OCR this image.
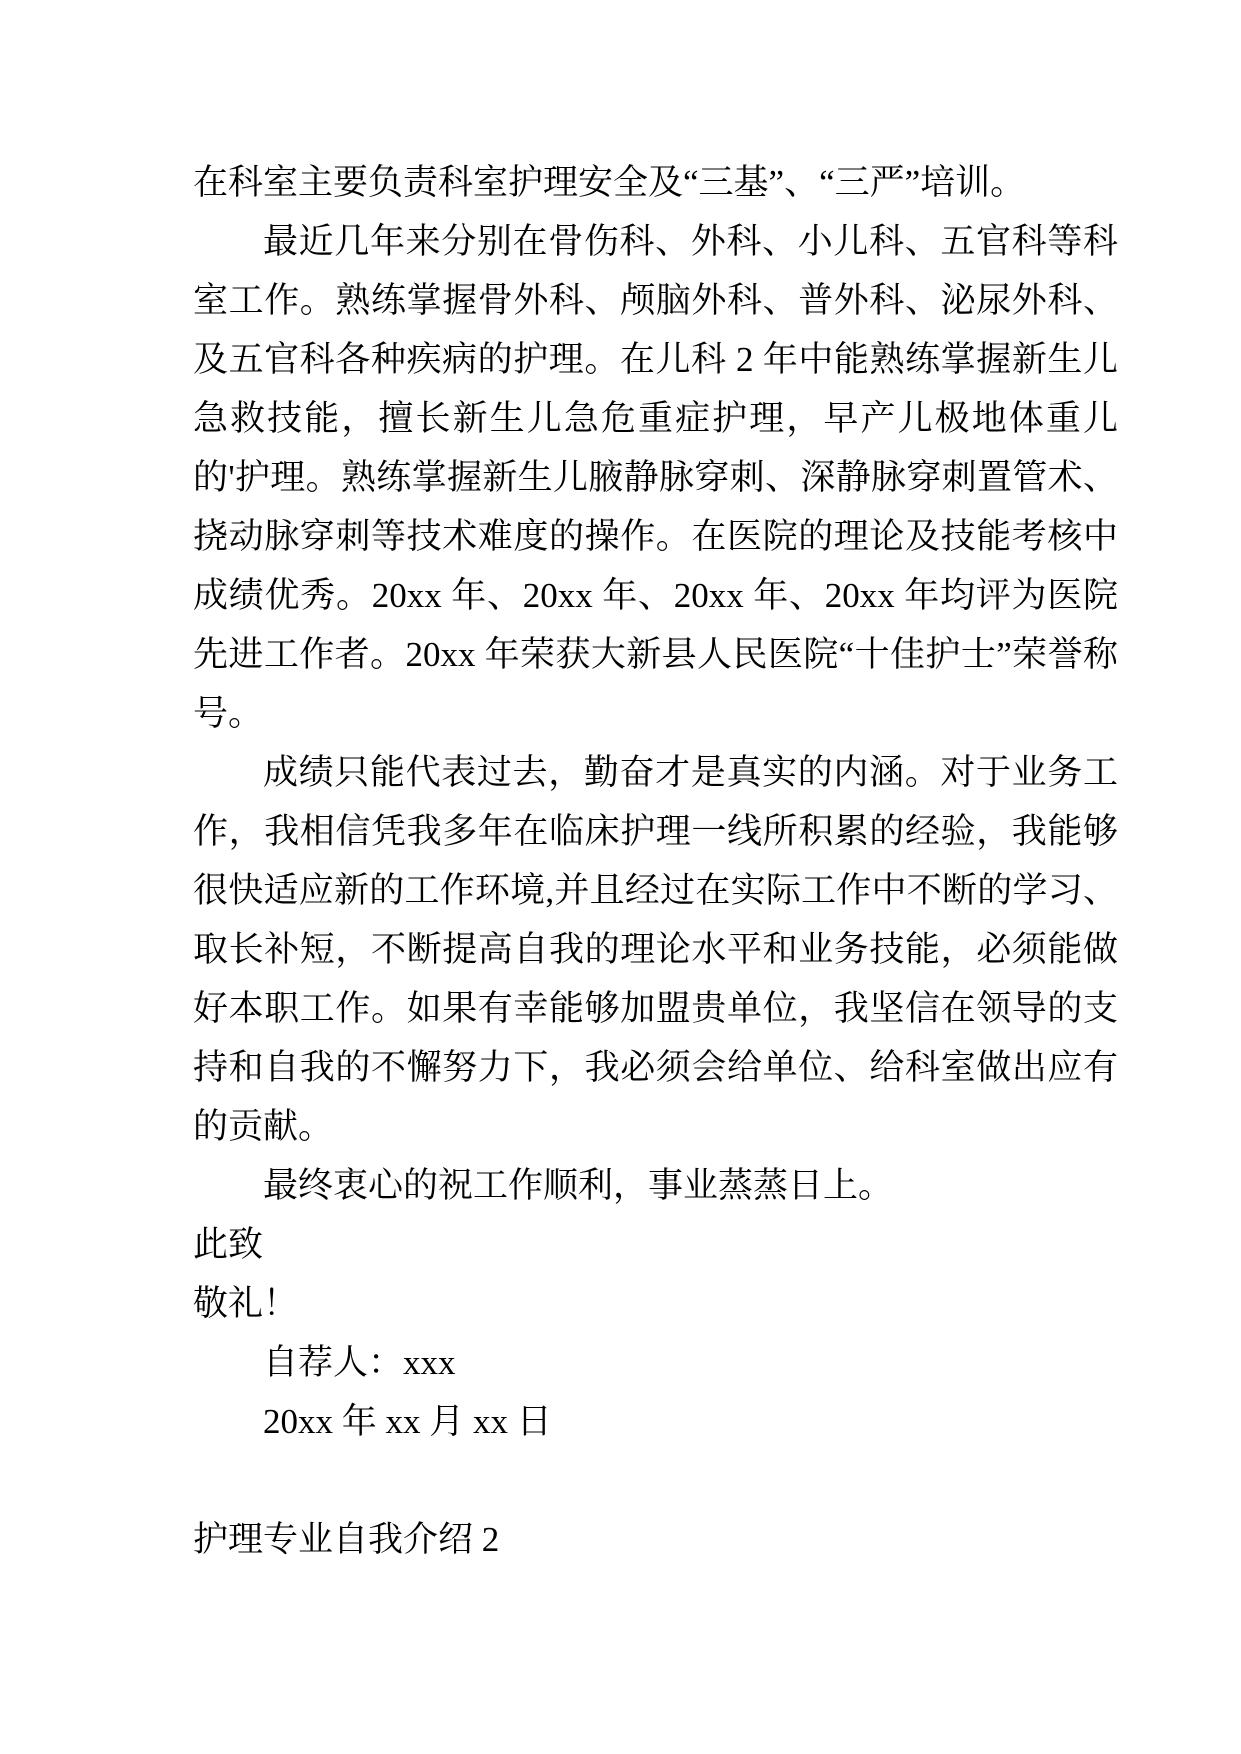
在科室主要负责科室护理安全及“三基”、“三严”培训。

最近几年来分别在骨伤科、外科、小儿科、五官科等科室工作。熟练掌握骨外科、颅脑外科、普外科、泌尿外科、及五官科各种疾病的护理。在儿科 2 年中能熟练掌握新生儿急救技能，擅长新生儿急危重症护理，早产儿极地体重儿的'护理。熟练掌握新生儿腋静脉穿刺、深静脉穿刺置管术、挠动脉穿刺等技术难度的操作。在医院的理论及技能考核中成绩优秀。20xx 年、20xx 年、20xx 年、20xx 年均评为医院先进工作者。20xx 年荣获大新县人民医院“十佳护士”荣誉称号。

成绩只能代表过去，勤奋才是真实的内涵。对于业务工作，我相信凭我多年在临床护理一线所积累的经验，我能够很快适应新的工作环境,并且经过在实际工作中不断的学习、取长补短，不断提高自我的理论水平和业务技能，必须能做好本职工作。如果有幸能够加盟贵单位，我坚信在领导的支持和自我的不懈努力下，我必须会给单位、给科室做出应有的贡献。

最终衷心的祝工作顺利，事业蒸蒸日上。

此致

敬礼！

自荐人：xxx

20xx 年 xx 月 xx 日

护理专业自我介绍 2
